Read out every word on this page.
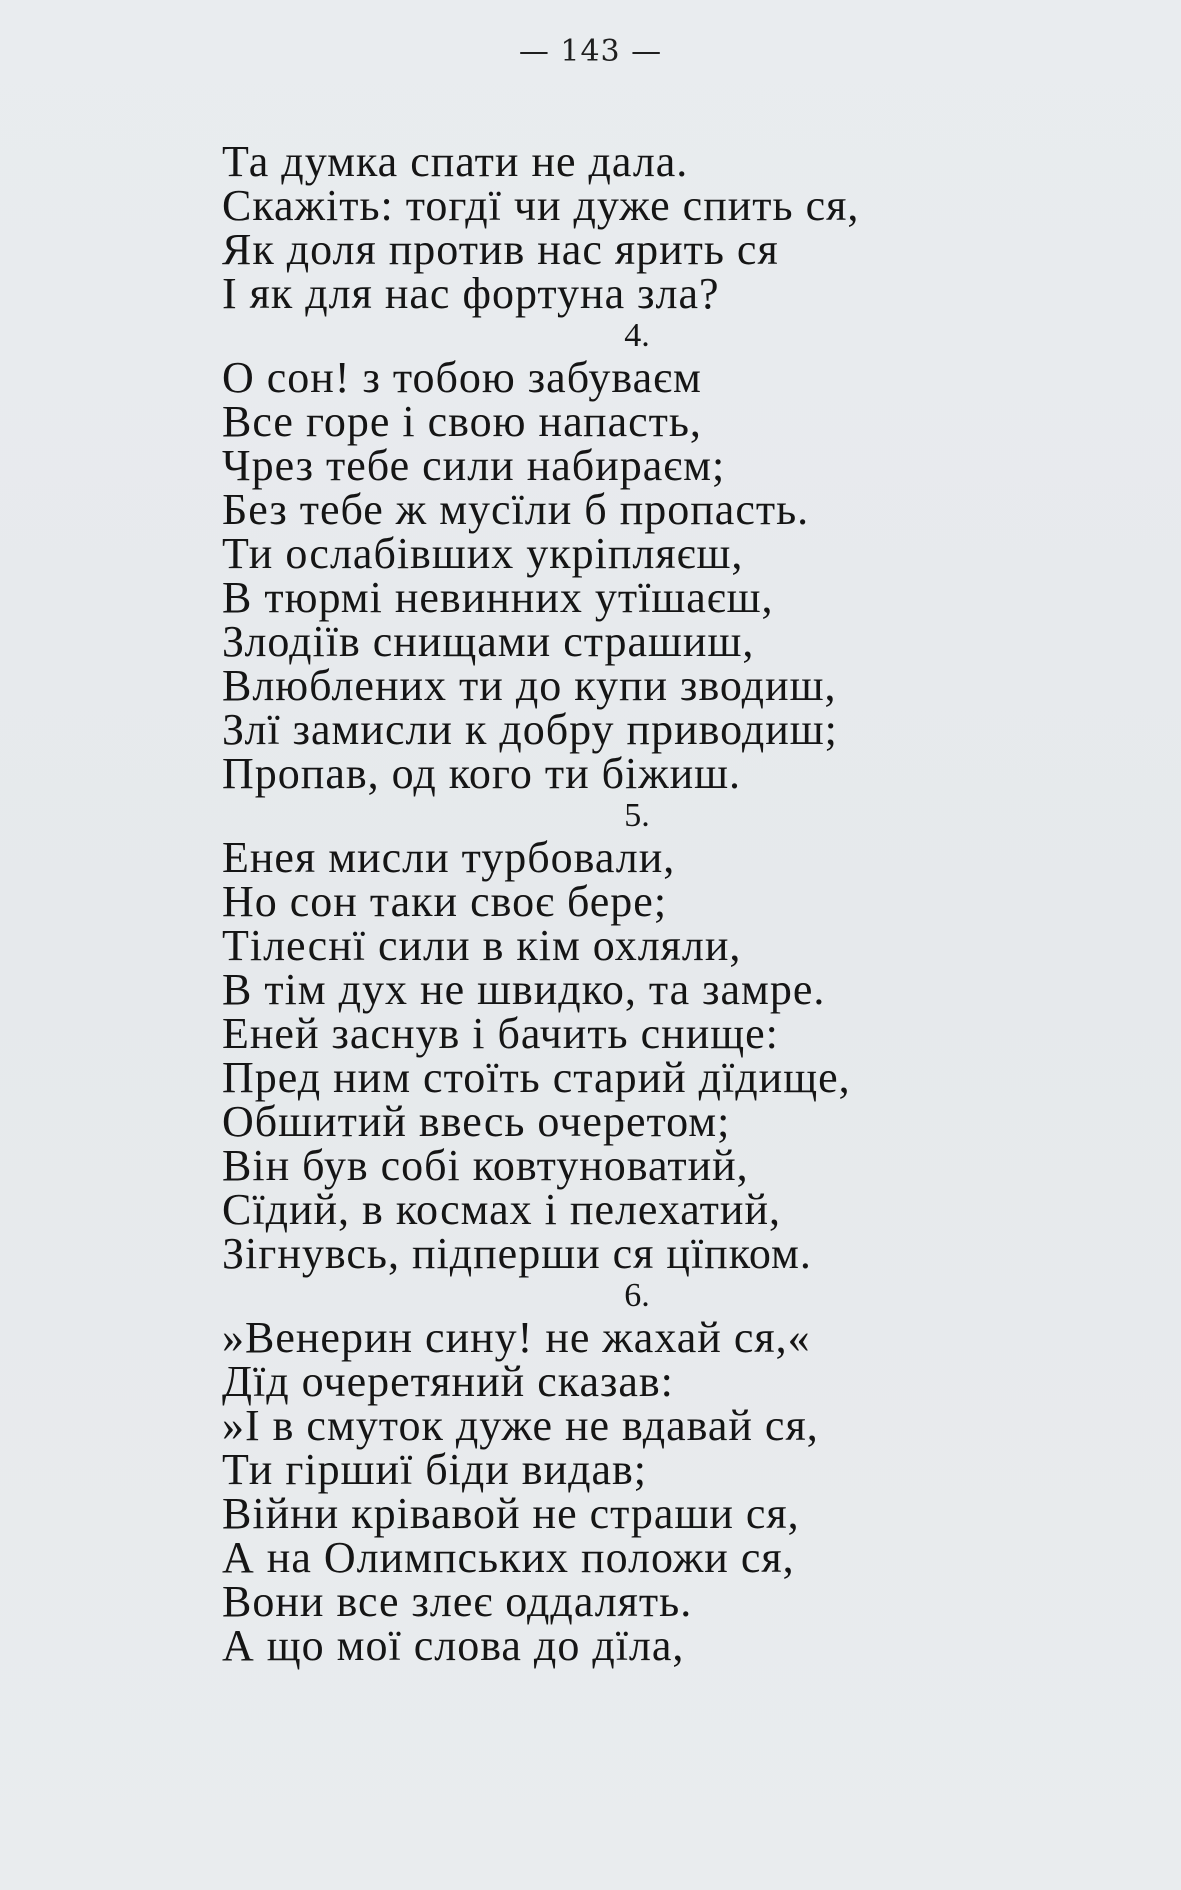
— 143 —
Та думка спати не дала.
Скажіть: тогдї чи дуже спить ся,
Як доля против нас ярить ся
І як для нас фортуна зла?
4.
О сон! з тобою забуваєм
Все горе і свою напасть,
Чрез тебе сили набираєм;
Без тебе ж мусїли б пропасть.
Ти ослабівших укріпляєш,
В тюрмі невинних утїшаєш,
Злодіїв снищами страшиш,
Влюблених ти до купи зводиш,
Злї замисли к добру приводиш;
Пропав, од кого ти біжиш.
5.
Енея мисли турбовали,
Но сон таки своє бере;
Тілеснї сили в кім охляли,
В тім дух не швидко, та замре.
Еней заснув і бачить снище:
Пред ним стоїть старий дїдище,
Обшитий ввесь очеретом;
Він був собі ковтуноватий,
Сїдий, в космах і пелехатий,
Зігнувсь, підперши ся цїпком.
6.
»Венерин сину! не жахай ся,«
Дїд очеретяний сказав:
»І в смуток дуже не вдавай ся,
Ти гіршиї біди видав;
Війни крівавой не страши ся,
А на Олимпських положи ся,
Вони все злеє оддалять.
А що мої слова до дїла,
